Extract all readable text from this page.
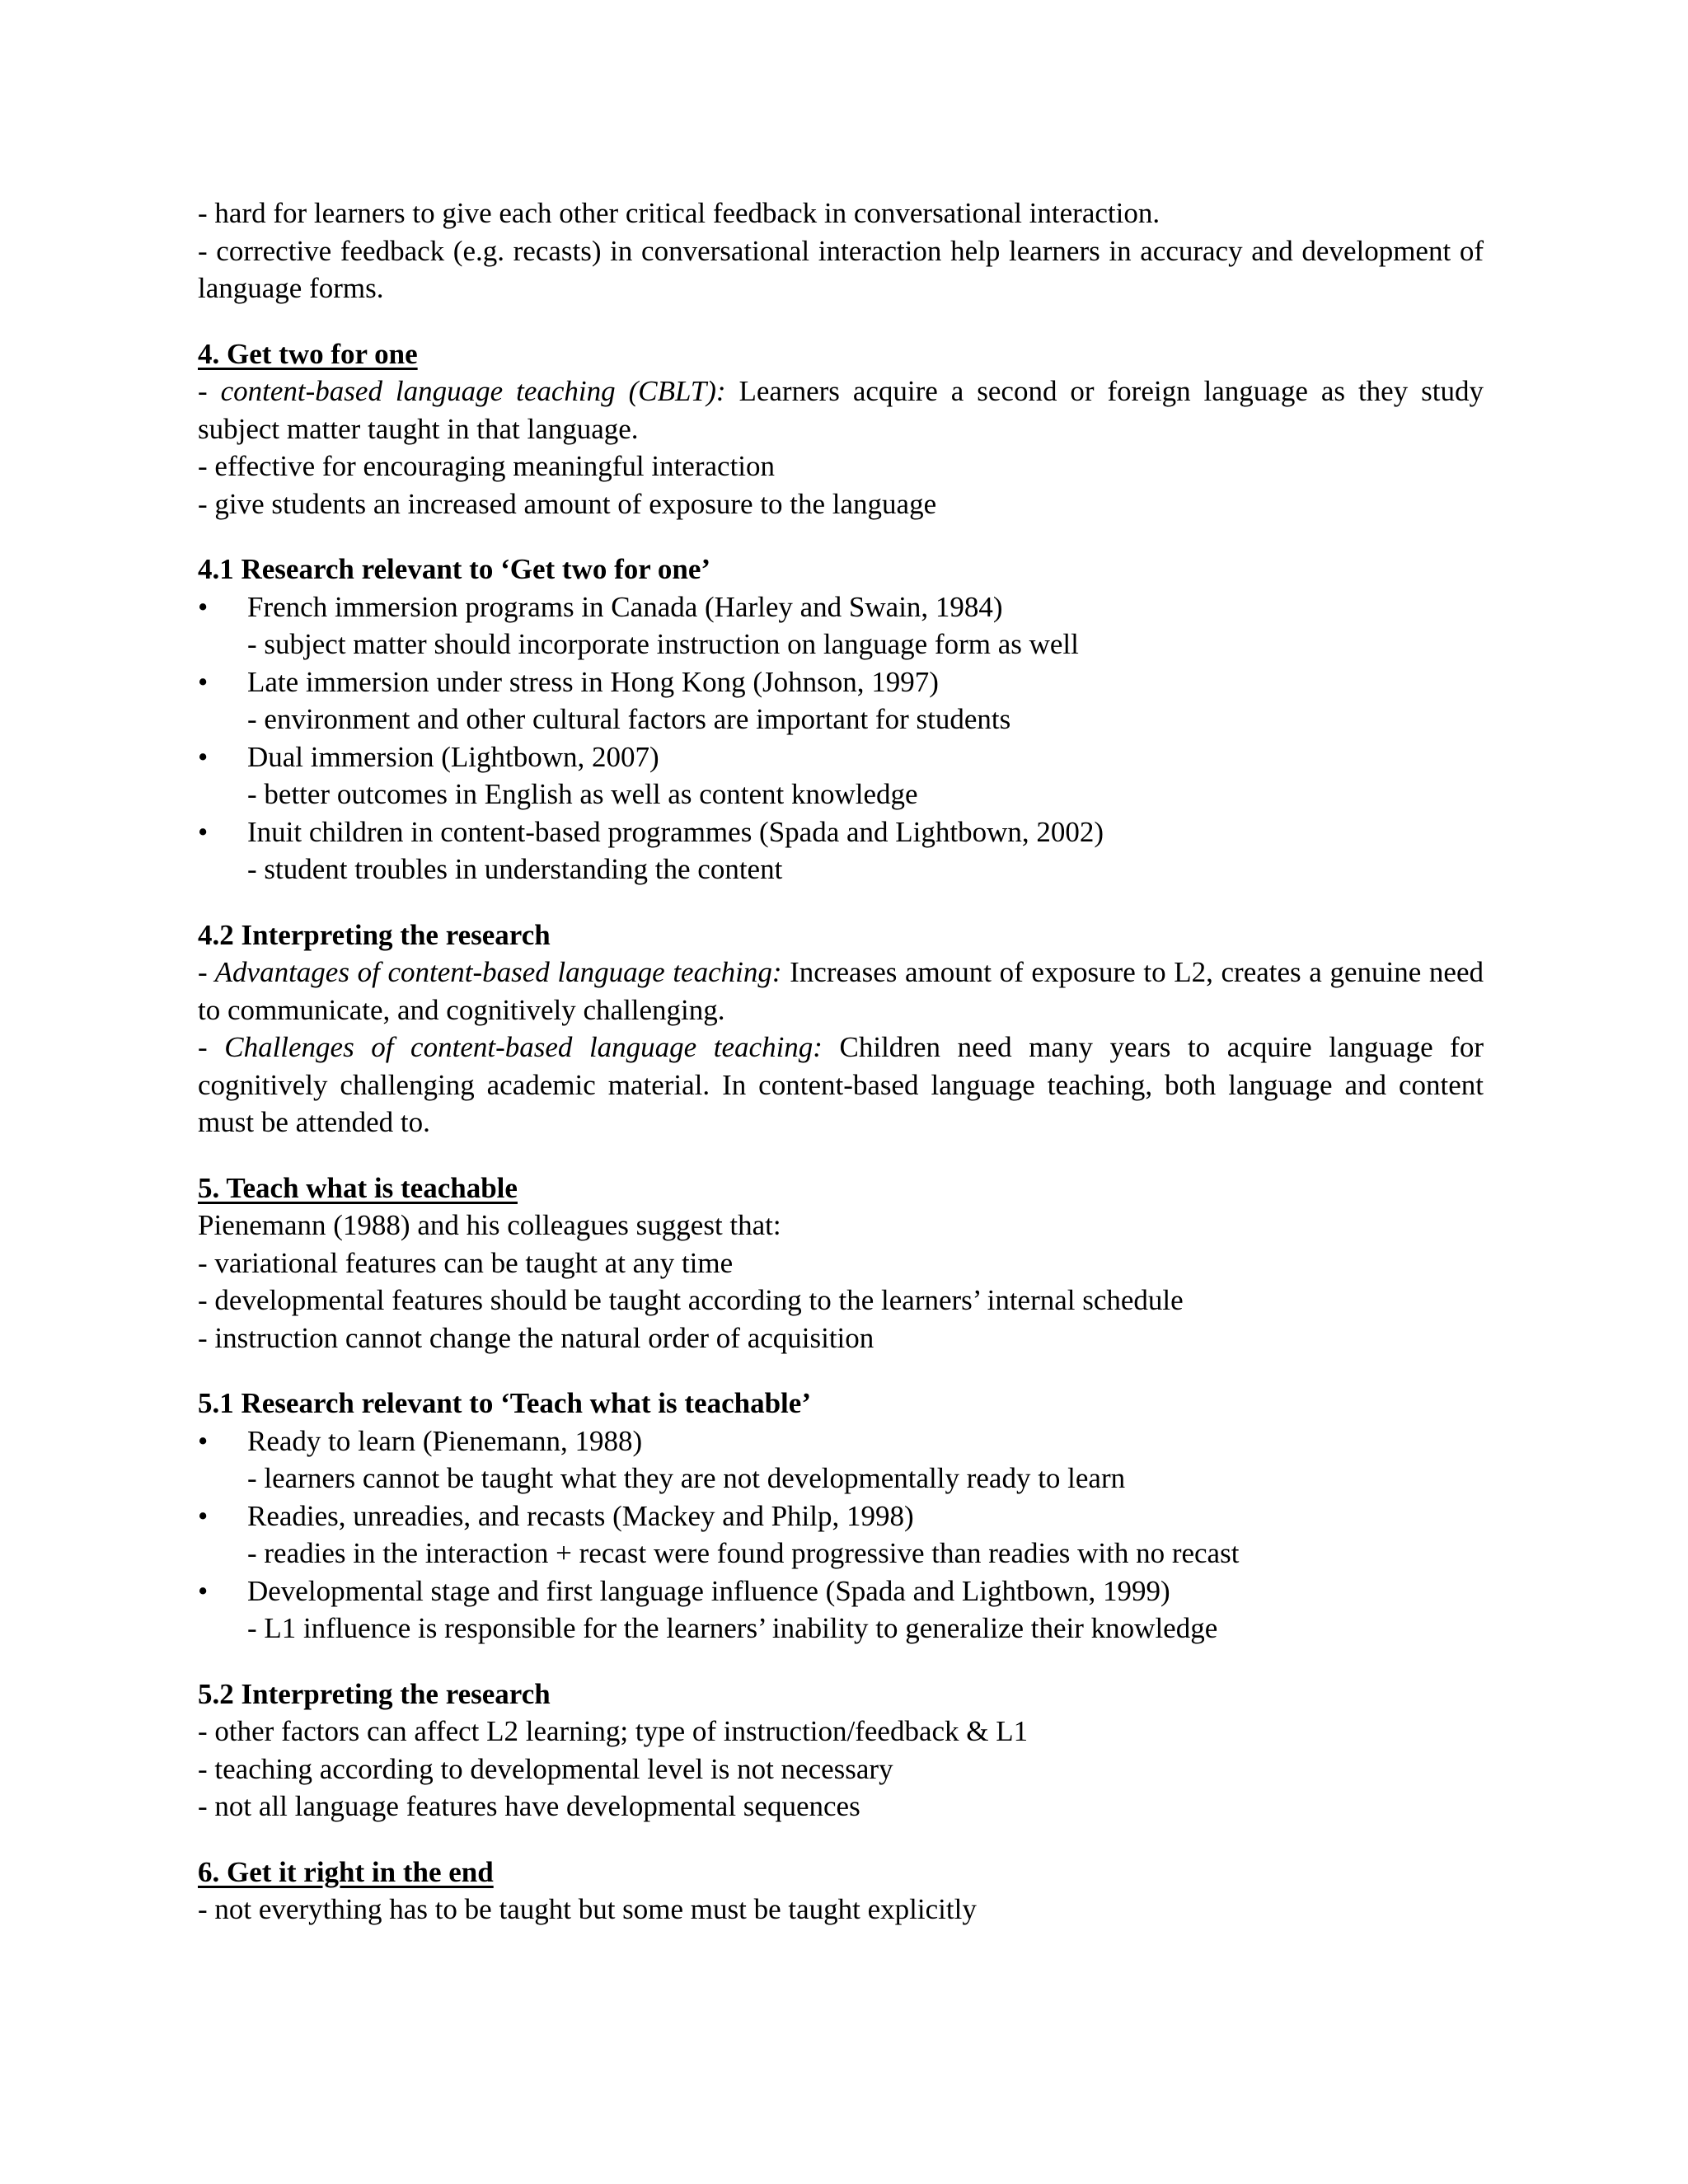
- hard for learners to give each other critical feedback in conversational interaction.

- corrective feedback (e.g. recasts) in conversational interaction help learners in accuracy and development of language forms.

4. Get two for one

- content-based language teaching (CBLT): Learners acquire a second or foreign language as they study subject matter taught in that language.

- effective for encouraging meaningful interaction

- give students an increased amount of exposure to the language

4.1 Research relevant to ‘Get two for one’

•	French immersion programs in Canada (Harley and Swain, 1984)

- subject matter should incorporate instruction on language form as well

•	Late immersion under stress in Hong Kong (Johnson, 1997)

- environment and other cultural factors are important for students

•	Dual immersion (Lightbown, 2007)

- better outcomes in English as well as content knowledge

•	Inuit children in content-based programmes (Spada and Lightbown, 2002)

- student troubles in understanding the content

4.2 Interpreting the research

- Advantages of content-based language teaching: Increases amount of exposure to L2, creates a genuine need to communicate, and cognitively challenging.

- Challenges of content-based language teaching: Children need many years to acquire language for cognitively challenging academic material. In content-based language teaching, both language and content must be attended to.

5. Teach what is teachable

Pienemann (1988) and his colleagues suggest that:

- variational features can be taught at any time

- developmental features should be taught according to the learners’ internal schedule

- instruction cannot change the natural order of acquisition

5.1 Research relevant to ‘Teach what is teachable’

•	Ready to learn (Pienemann, 1988)

- learners cannot be taught what they are not developmentally ready to learn

•	Readies, unreadies, and recasts (Mackey and Philp, 1998)

- readies in the interaction + recast were found progressive than readies with no recast

•	Developmental stage and first language influence (Spada and Lightbown, 1999)

- L1 influence is responsible for the learners’ inability to generalize their knowledge

5.2 Interpreting the research

- other factors can affect L2 learning; type of instruction/feedback & L1

- teaching according to developmental level is not necessary

- not all language features have developmental sequences

6. Get it right in the end

- not everything has to be taught but some must be taught explicitly
